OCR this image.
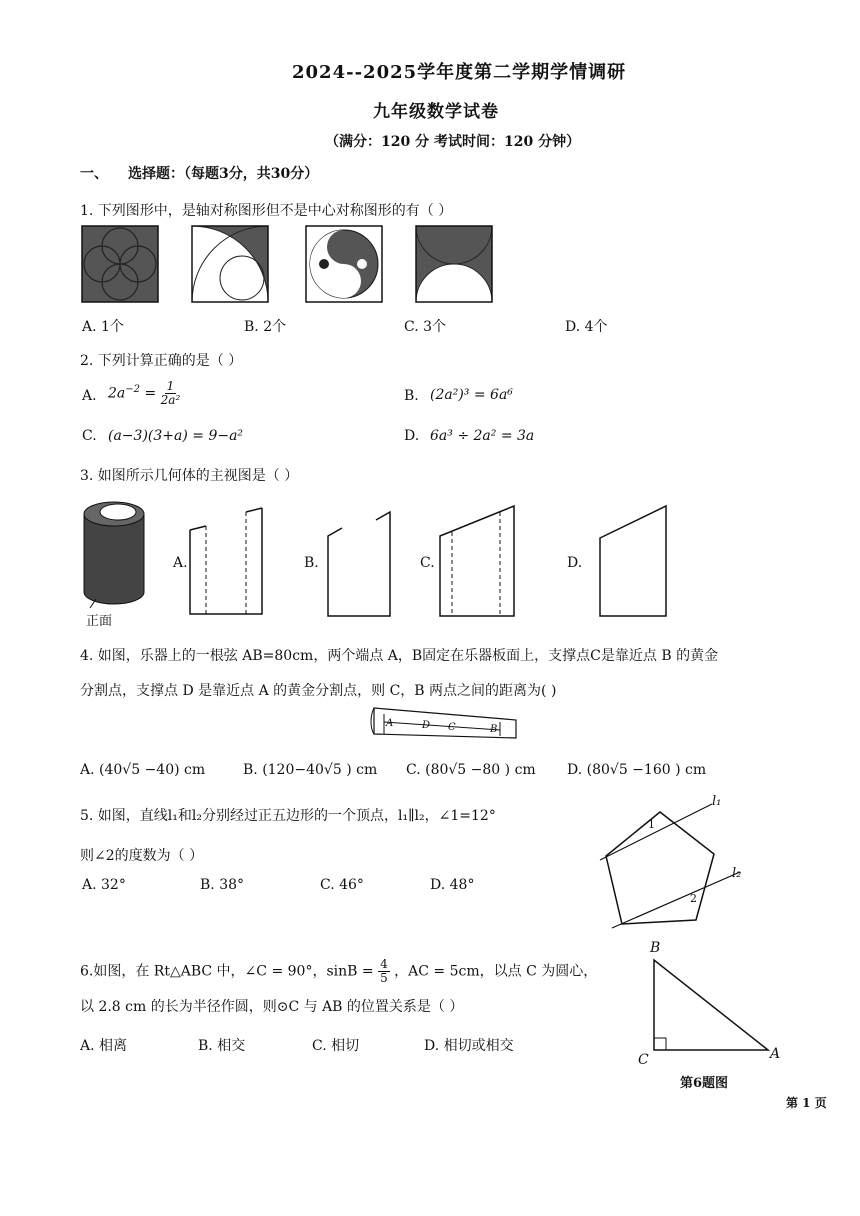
2024--2025学年度第二学期学情调研
九年级数学试卷
（满分：120 分 考试时间：120 分钟）
一、 选择题：（每题3分，共30分）
1. 下列图形中，是轴对称图形但不是中心对称图形的有（ ）
A. 1个	B. 2个	C. 3个	D. 4个
2. 下列计算正确的是（ ）
A. $2a^{-2} = \frac{1}{\text{2a²}}$	B. (2a²)³ = 6a⁶
C. (a−3)(3+a) = 9−a²	D. 6a³ ÷ 2a² = 3a
3. 如图所示几何体的主视图是（ ）
正面
A.	B.	C.	D.
4. 如图，乐器上的一根弦 AB=80cm，两个端点 A，B固定在乐器板面上，支撑点C是靠近点 B 的黄金
分割点，支撑点 D 是靠近点 A 的黄金分割点，则 C，B 两点之间的距离为( )
A	D C	B
A. (40√5 −40) cm	B. (120−40√5 ) cm C. (80√5 −80 ) cm D. (80√5 −160 ) cm
5. 如图，直线l₁和l₂分别经过正五边形的一个顶点，l₁∥l₂，∠1=12°
则∠2的度数为（ ）
A. 32°	B. 38°	C. 46°	D. 48°
l₁
l₂
1
2
6.如图，在 Rt△ABC 中，∠C = 90°，$\sin B = \frac{4}{5}$ ，AC = 5cm，以点 C 为圆心，
以 2.8 cm 的长为半径作圆，则⊙C 与 AB 的位置关系是（ ）
A. 相离	B. 相交	C. 相切	D. 相切或相交
B
C	A
第6题图
第 1 页
